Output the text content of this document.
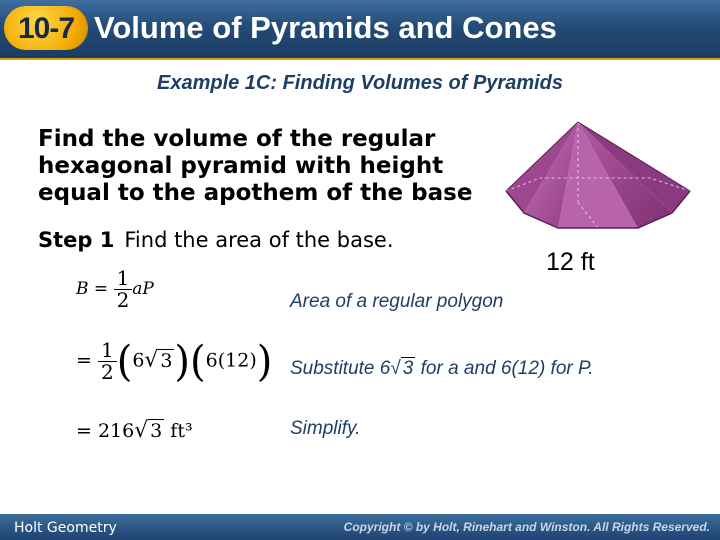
10-7 Volume of Pyramids and Cones
Example 1C: Finding Volumes of Pyramids
Find the volume of the regular
hexagonal pyramid with height
equal to the apothem of the base
Step 1 Find the area of the base.
12 ft
$B = \frac{1}{2}$ aP
Area of a regular polygon
= $\frac{1}{2} (6√$ 3)(6(12)) Substitute 6√ 3 for a and 6(12) for P.
= 216√ 3 ft³	Simplify.
Holt Geometry	Copyright © by Holt, Rinehart and Winston. All Rights Reserved.
